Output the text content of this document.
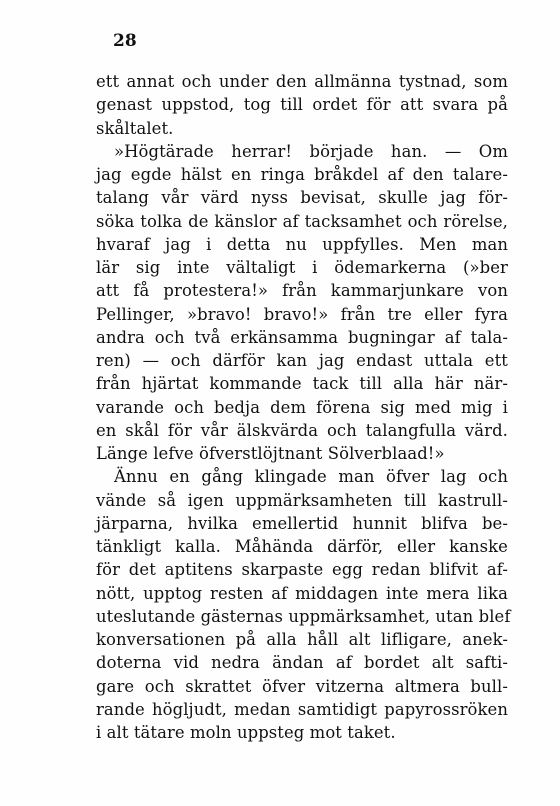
28
ett annat och under den allmänna tystnad, som
genast uppstod, tog till ordet för att svara på
skåltalet.
»Högtärade herrar! började han. — Om
jag egde hälst en ringa bråkdel af den talare-
talang vår värd nyss bevisat, skulle jag för-
söka tolka de känslor af tacksamhet och rörelse,
hvaraf jag i detta nu uppfylles. Men man
lär sig inte vältaligt i ödemarkerna (»ber
att få protestera!» från kammarjunkare von
Pellinger, »bravo! bravo!» från tre eller fyra
andra och två erkänsamma bugningar af tala-
ren) — och därför kan jag endast uttala ett
från hjärtat kommande tack till alla här när-
varande och bedja dem förena sig med mig i
en skål för vår älskvärda och talangfulla värd.
Länge lefve öfverstlöjtnant Sölverblaad!»
Ännu en gång klingade man öfver lag och
vände så igen uppmärksamheten till kastrull-
järparna, hvilka emellertid hunnit blifva be-
tänkligt kalla. Måhända därför, eller kanske
för det aptitens skarpaste egg redan blifvit af-
nött, upptog resten af middagen inte mera lika
uteslutande gästernas uppmärksamhet, utan blef
konversationen på alla håll alt lifligare, anek-
doterna vid nedra ändan af bordet alt safti-
gare och skrattet öfver vitzerna altmera bull-
rande högljudt, medan samtidigt papyrossröken
i alt tätare moln uppsteg mot taket.
